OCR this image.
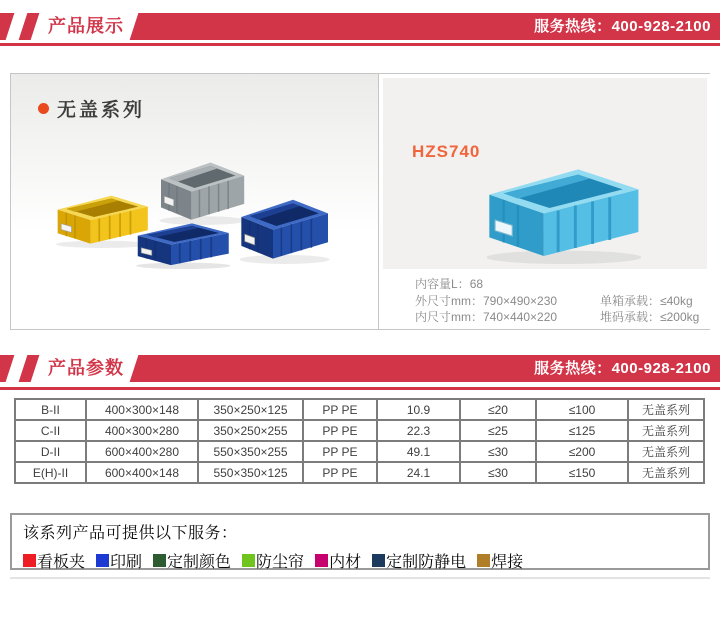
产品展示	服务热线：400-928-2100
无盖系列
HZS740
内容量L：68
外尺寸mm：790×490×230	单箱承载：≤40kg
内尺寸mm：740×440×220	堆码承载：≤200kg
产品参数	服务热线：400-928-2100
B-II	400×300×148	350×250×125	PP PE	10.9	≤20	≤100	无盖系列
C-II	400×300×280	350×250×255	PP PE	22.3	≤25	≤125	无盖系列
D-II	600×400×280	550×350×255	PP PE	49.1	≤30	≤200	无盖系列
E(H)-II	600×400×148	550×350×125	PP PE	24.1	≤30	≤150	无盖系列
该系列产品可提供以下服务：
看板夹 印刷 定制颜色 防尘帘 内材 定制防静电 焊接
